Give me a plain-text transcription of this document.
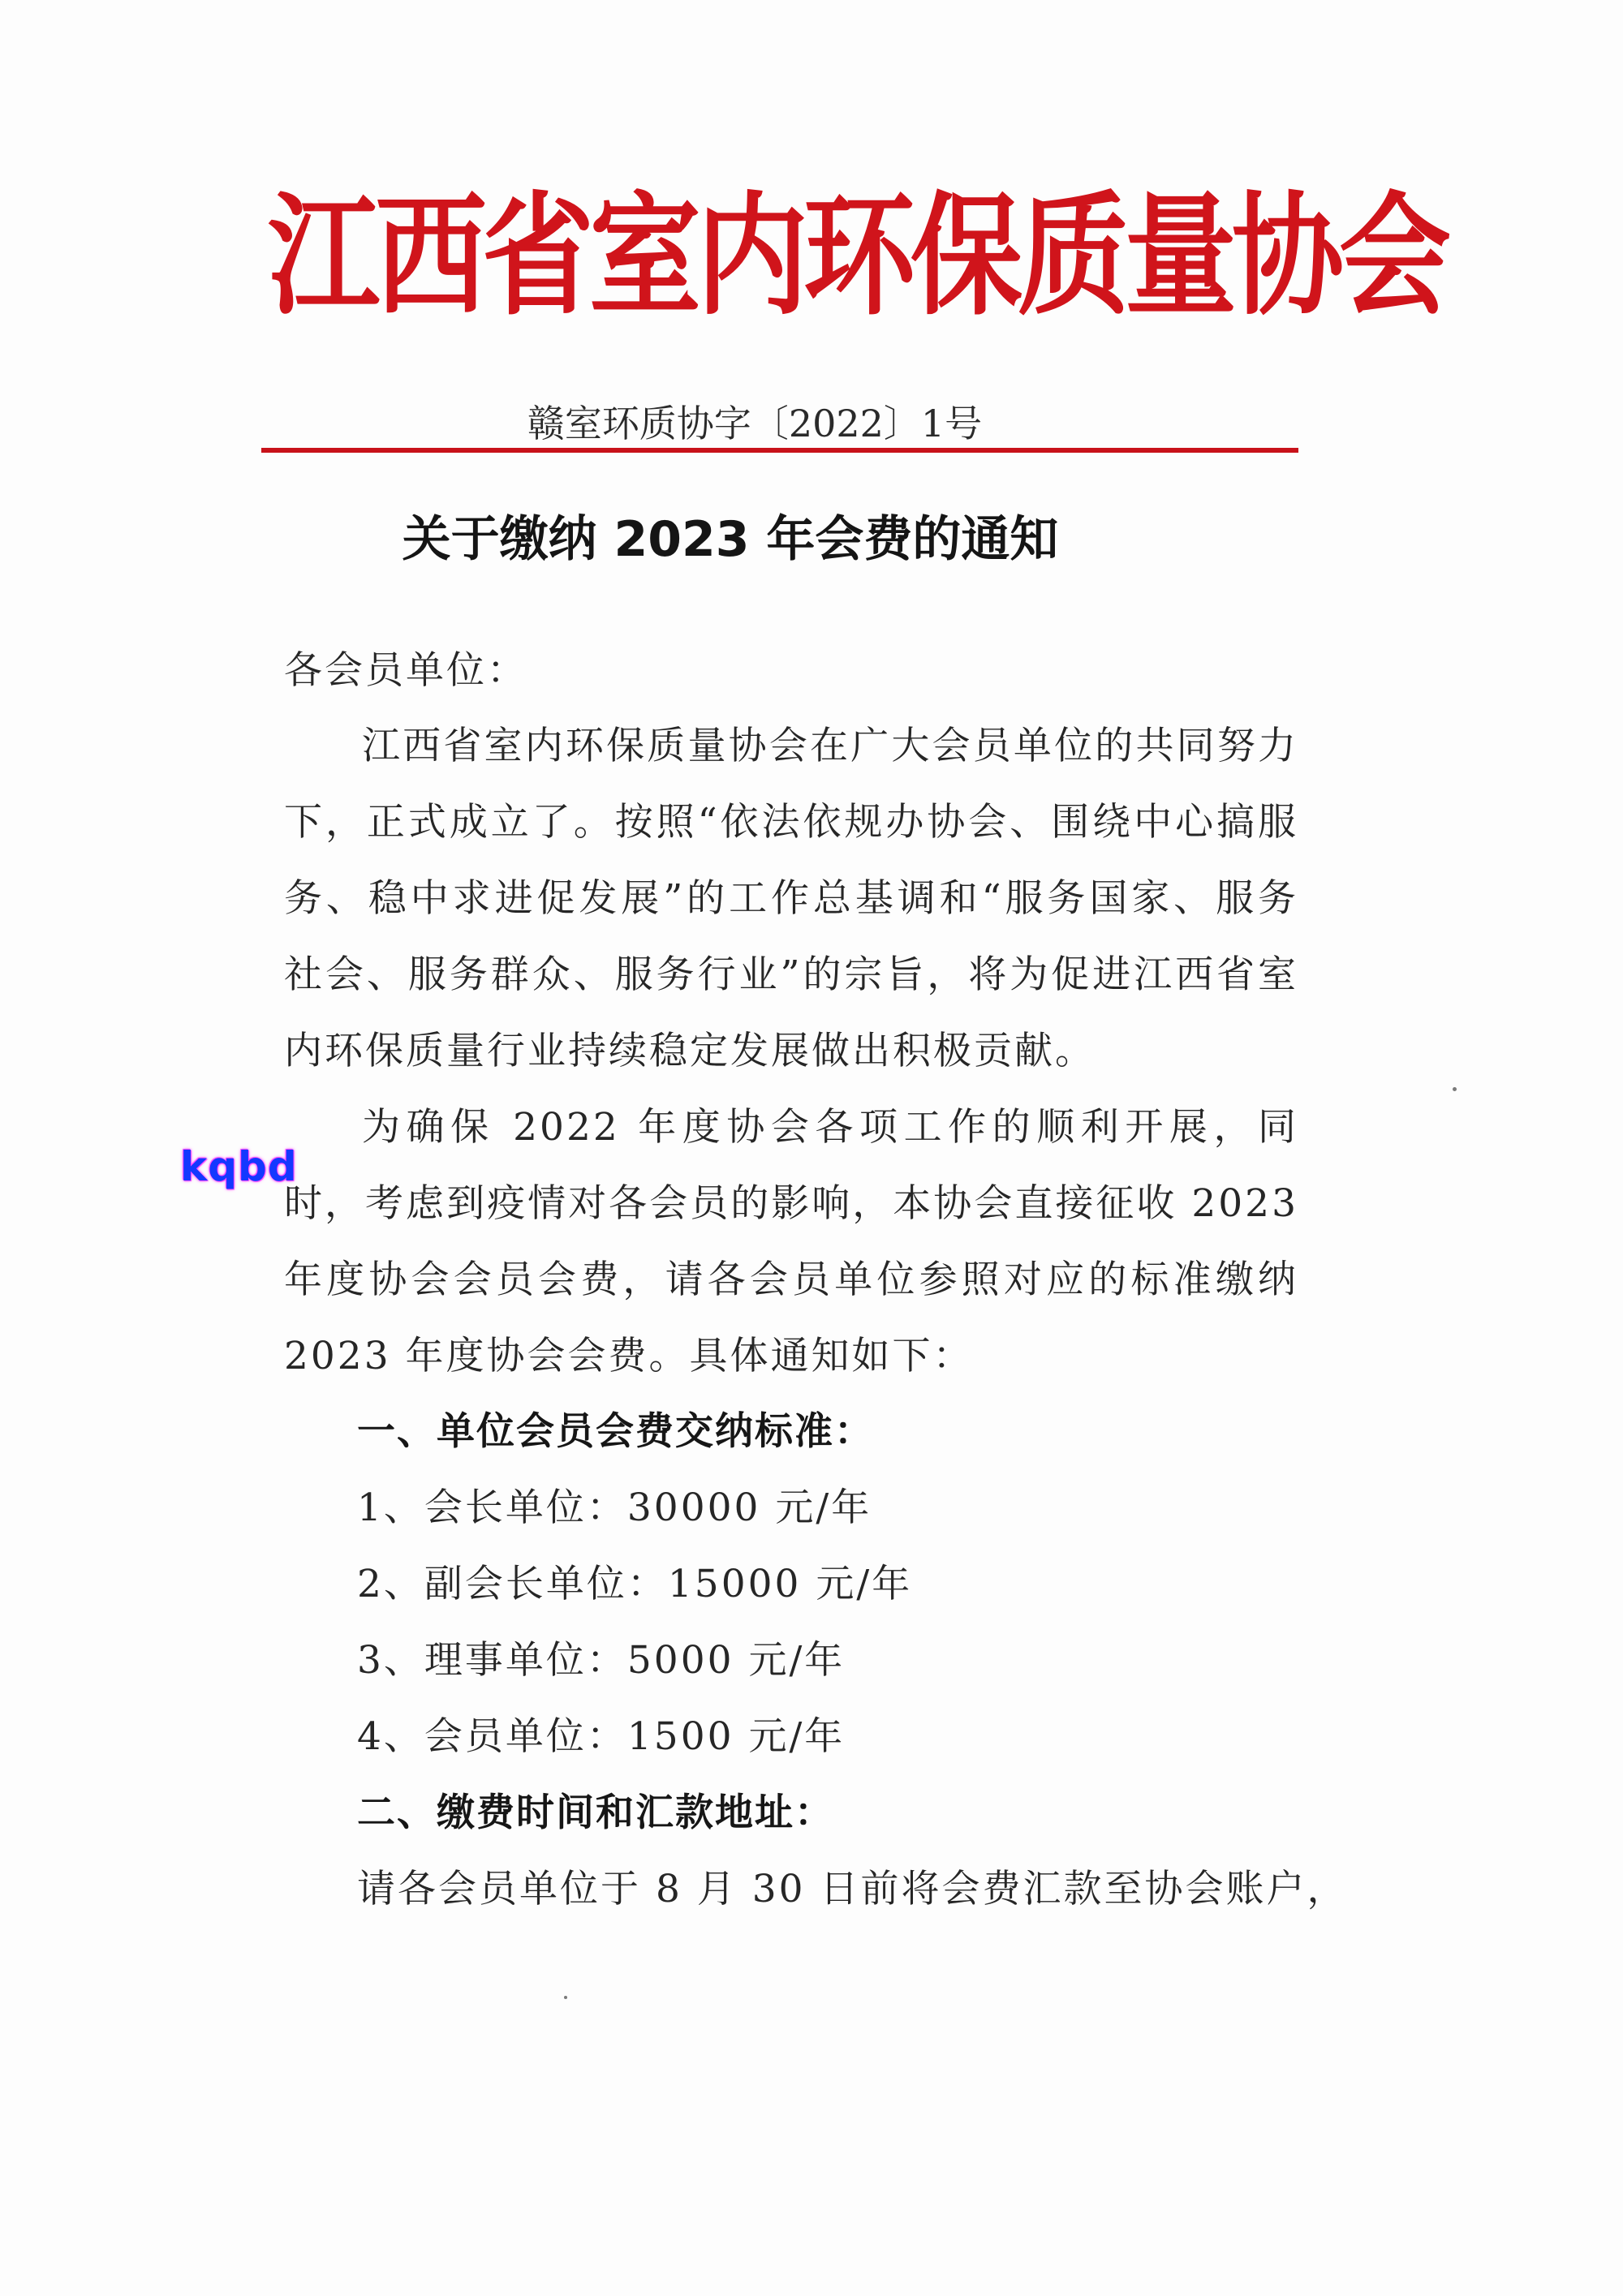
江西省室内环保质量协会
赣室环质协字〔2022〕1号
关于缴纳 2023 年会费的通知
各会员单位：
江西省室内环保质量协会在广大会员单位的共同努力下，正式成立了。按照“依法依规办协会、围绕中心搞服务、稳中求进促发展”的工作总基调和“服务国家、服务社会、服务群众、服务行业”的宗旨，将为促进江西省室内环保质量行业持续稳定发展做出积极贡献。
为确保 2022 年度协会各项工作的顺利开展，同时，考虑到疫情对各会员的影响，本协会直接征收 2023 年度协会会员会费，请各会员单位参照对应的标准缴纳 2023 年度协会会费。具体通知如下：
一、单位会员会费交纳标准：
1、会长单位：30000 元/年
2、副会长单位：15000 元/年
3、理事单位：5000 元/年
4、会员单位：1500 元/年
二、缴费时间和汇款地址：
请各会员单位于 8 月 30 日前将会费汇款至协会账户，
kqbd
